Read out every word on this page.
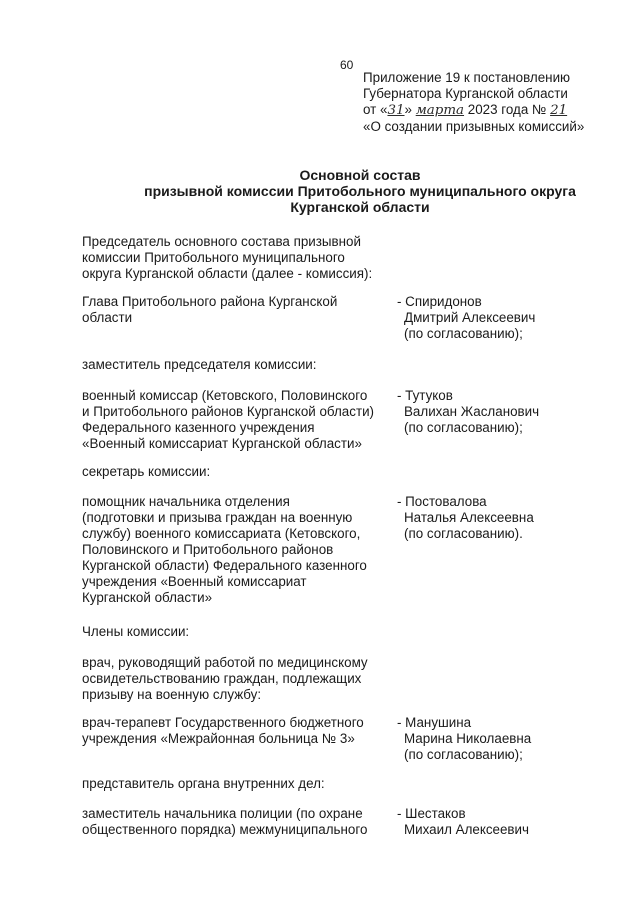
60
Приложение 19 к постановлению
Губернатора Курганской области
от «31» марта 2023 года № 21
«О создании призывных комиссий»
Основной состав
призывной комиссии Притобольного муниципального округа
Курганской области
Председатель основного состава призывной
комиссии Притобольного муниципального
округа Курганской области (далее - комиссия):
Глава Притобольного района Курганской
области
- Спиридонов
Дмитрий Алексеевич
(по согласованию);
заместитель председателя комиссии:
военный комиссар (Кетовского, Половинского
и Притобольного районов Курганской области)
Федерального казенного учреждения
«Военный комиссариат Курганской области»
- Тутуков
Валихан Жасланович
(по согласованию);
секретарь комиссии:
помощник начальника отделения
(подготовки и призыва граждан на военную
службу) военного комиссариата (Кетовского,
Половинского и Притобольного районов
Курганской области) Федерального казенного
учреждения «Военный комиссариат
Курганской области»
- Постовалова
Наталья Алексеевна
(по согласованию).
Члены комиссии:
врач, руководящий работой по медицинскому
освидетельствованию граждан, подлежащих
призыву на военную службу:
врач-терапевт Государственного бюджетного
учреждения «Межрайонная больница № 3»
- Манушина
Марина Николаевна
(по согласованию);
представитель органа внутренних дел:
заместитель начальника полиции (по охране
общественного порядка) межмуниципального
- Шестаков
Михаил Алексеевич
